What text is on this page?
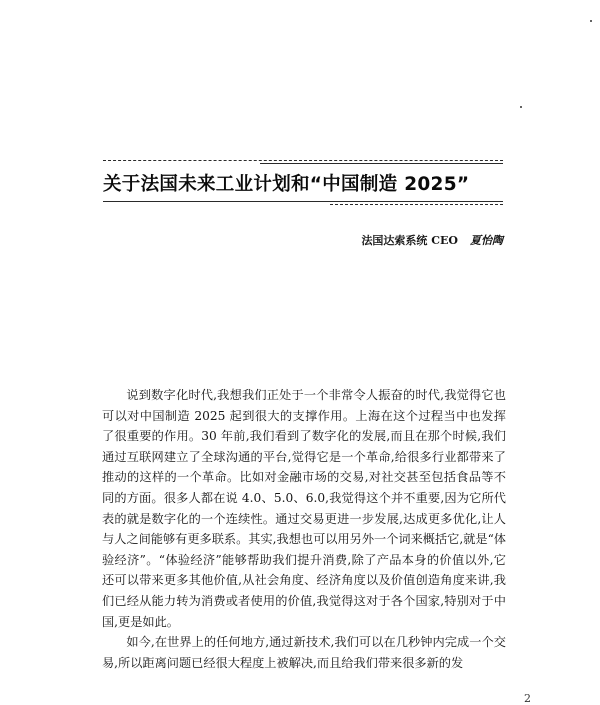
关于法国未来工业计划和“中国制造 2025”
法国达索系统 CEO 夏怡陶

说到数字化时代,我想我们正处于一个非常令人振奋的时代,我觉得它也可以对中国制造 2025 起到很大的支撑作用。上海在这个过程当中也发挥了很重要的作用。30 年前,我们看到了数字化的发展,而且在那个时候,我们通过互联网建立了全球沟通的平台,觉得它是一个革命,给很多行业都带来了推动的这样的一个革命。比如对金融市场的交易,对社交甚至包括食品等不同的方面。很多人都在说 4.0、5.0、6.0,我觉得这个并不重要,因为它所代表的就是数字化的一个连续性。通过交易更进一步发展,达成更多优化,让人与人之间能够有更多联系。其实,我想也可以用另外一个词来概括它,就是“体验经济”。“体验经济”能够帮助我们提升消费,除了产品本身的价值以外,它还可以带来更多其他价值,从社会角度、经济角度以及价值创造角度来讲,我们已经从能力转为消费或者使用的价值,我觉得这对于各个国家,特别对于中国,更是如此。

如今,在世界上的任何地方,通过新技术,我们可以在几秒钟内完成一个交易,所以距离问题已经很大程度上被解决,而且给我们带来很多新的发

2
